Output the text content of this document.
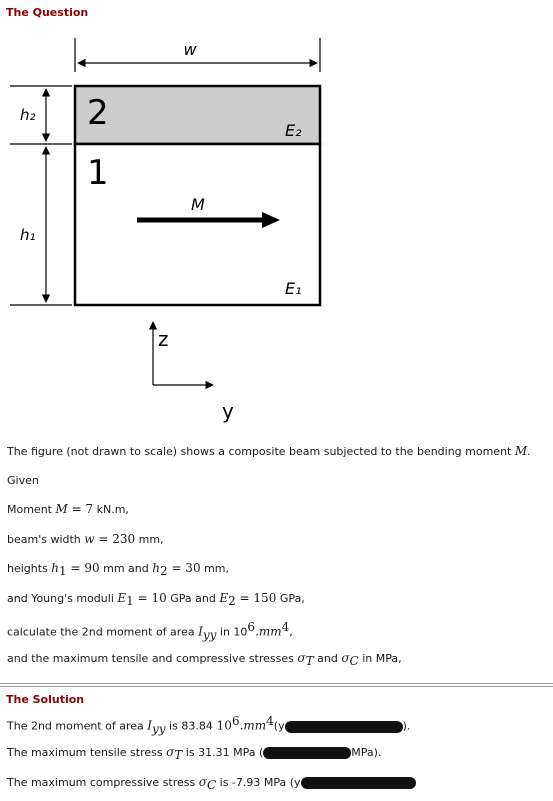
The Question
w
2
1
E₂
E₁
M
h₂
h₁
z
y
The figure (not drawn to scale) shows a composite beam subjected to the bending moment M.
Given
Moment M = 7 kN.m,
beam's width w = 230 mm,
heights $h_1 = 90$ mm and $h_2 = 30$ mm,
and Young's moduli $E_1 = 10$ GPa and $E_2 = 150$ GPa,
calculate the 2nd moment of area $I_{yy}$ in $10^6.mm^4$,
and the maximum tensile and compressive stresses $\sigma_T$ and $\sigma_C$ in MPa,
The Solution
The 2nd moment of area $I_{yy}$ is 83.84 $10^6.mm^4(y$	).
The maximum tensile stress $\sigma_T$ is 31.31 MPa (	MPa).
The maximum compressive stress $\sigma_C$ is -7.93 MPa (y
